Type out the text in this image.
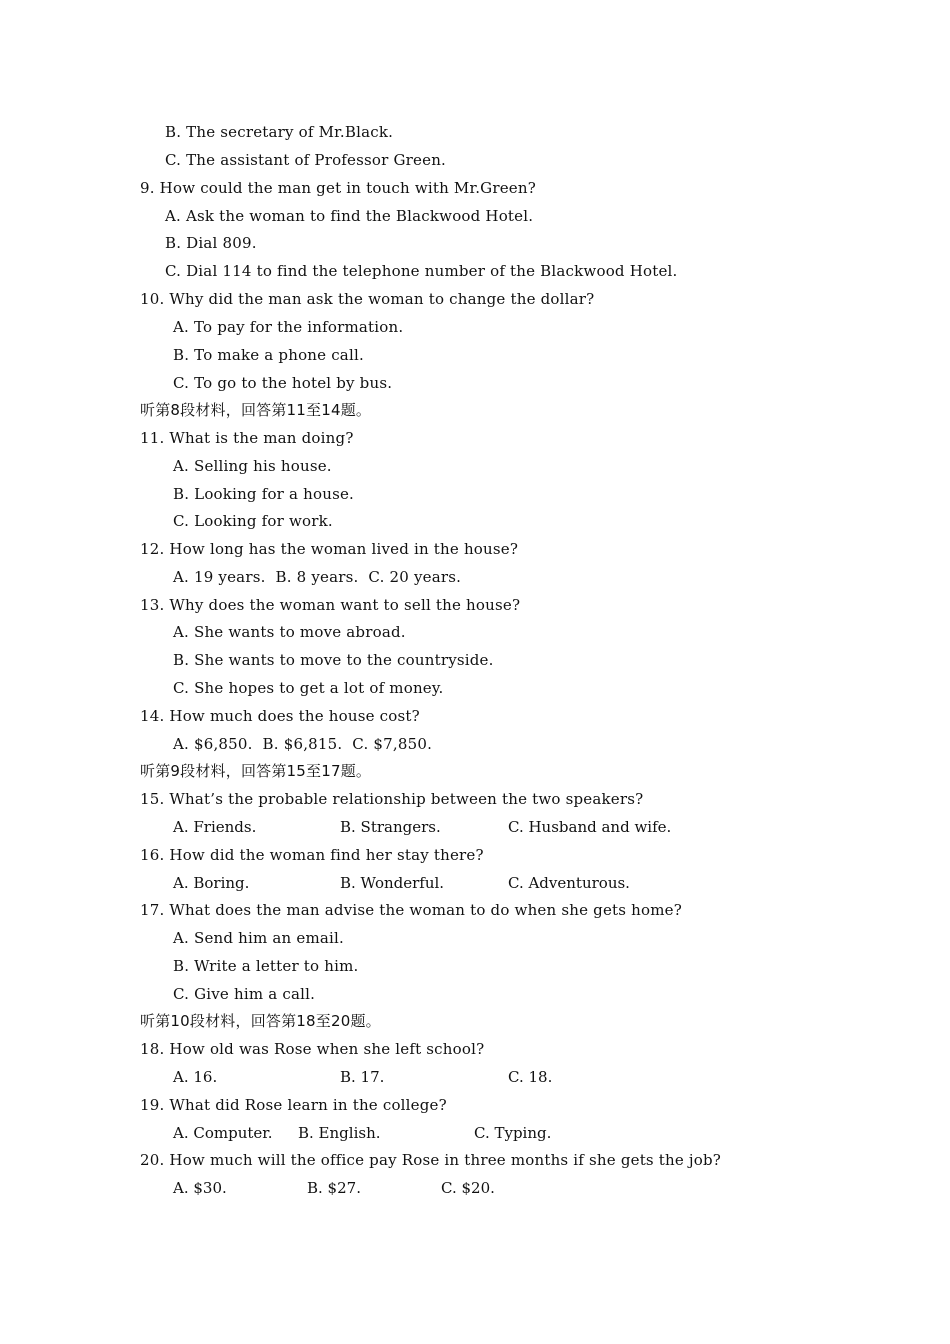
B. The secretary of Mr.Black.
C. The assistant of Professor Green.
9. How could the man get in touch with Mr.Green?
A. Ask the woman to find the Blackwood Hotel.
B. Dial 809.
C. Dial 114 to find the telephone number of the Blackwood Hotel.
10. Why did the man ask the woman to change the dollar?
A. To pay for the information.
B. To make a phone call.
C. To go to the hotel by bus.
听第8段材料，回答第11至14题。
11. What is the man doing?
A. Selling his house.
B. Looking for a house.
C. Looking for work.
12. How long has the woman lived in the house?
A. 19 years.  B. 8 years.  C. 20 years.
13. Why does the woman want to sell the house?
A. She wants to move abroad.
B. She wants to move to the countryside.
C. She hopes to get a lot of money.
14. How much does the house cost?
A. $6,850.  B. $6,815.  C. $7,850.
听第9段材料，回答第15至17题。
15. What’s the probable relationship between the two speakers?
A. Friends.	B. Strangers.	C. Husband and wife.
16. How did the woman find her stay there?
A. Boring.	B. Wonderful.	C. Adventurous.
17. What does the man advise the woman to do when she gets home?
A. Send him an email.
B. Write a letter to him.
C. Give him a call.
听第10段材料，回答第18至20题。
18. How old was Rose when she left school?
A. 16.	B. 17.	C. 18.
19. What did Rose learn in the college?
A. Computer. B. English.	C. Typing.
20. How much will the office pay Rose in three months if she gets the job?
A. $30.	B. $27.	C. $20.
